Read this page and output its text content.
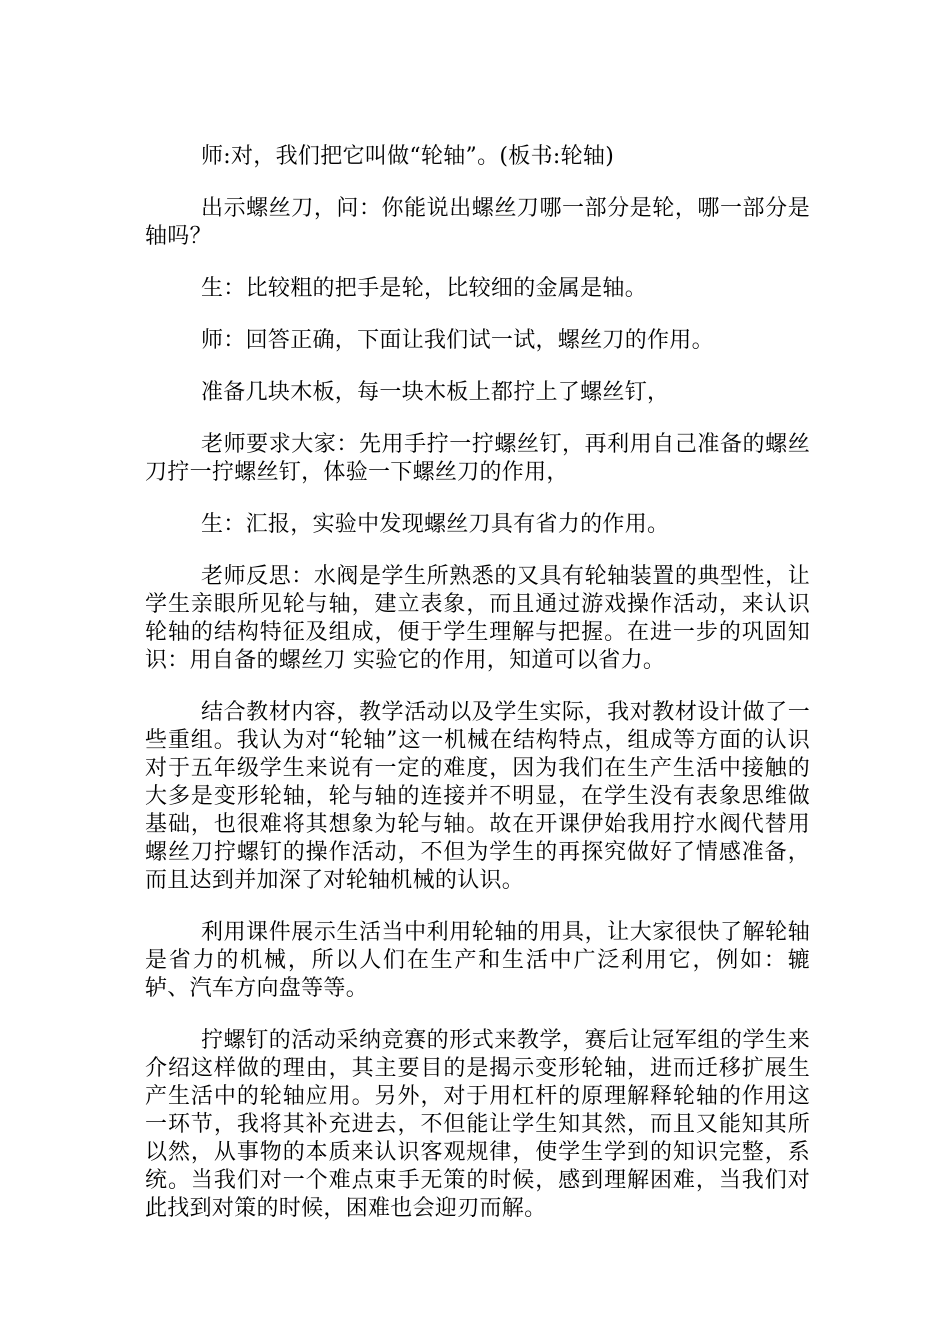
师:对，我们把它叫做“轮轴”。(板书:轮轴)

出示螺丝刀，问：你能说出螺丝刀哪一部分是轮，哪一部分是轴吗？

生：比较粗的把手是轮，比较细的金属是轴。

师：回答正确，下面让我们试一试，螺丝刀的作用。

准备几块木板，每一块木板上都拧上了螺丝钉，

老师要求大家：先用手拧一拧螺丝钉，再利用自己准备的螺丝刀拧一拧螺丝钉，体验一下螺丝刀的作用，

生：汇报，实验中发现螺丝刀具有省力的作用。

老师反思：水阀是学生所熟悉的又具有轮轴装置的典型性，让学生亲眼所见轮与轴，建立表象，而且通过游戏操作活动，来认识轮轴的结构特征及组成，便于学生理解与把握。在进一步的巩固知识：用自备的螺丝刀 实验它的作用，知道可以省力。

结合教材内容，教学活动以及学生实际，我对教材设计做了一些重组。我认为对“轮轴”这一机械在结构特点，组成等方面的认识对于五年级学生来说有一定的难度，因为我们在生产生活中接触的大多是变形轮轴，轮与轴的连接并不明显，在学生没有表象思维做基础，也很难将其想象为轮与轴。故在开课伊始我用拧水阀代替用螺丝刀拧螺钉的操作活动，不但为学生的再探究做好了情感准备，而且达到并加深了对轮轴机械的认识。

利用课件展示生活当中利用轮轴的用具，让大家很快了解轮轴是省力的机械，所以人们在生产和生活中广泛利用它，例如：辘轳、汽车方向盘等等。

拧螺钉的活动采纳竞赛的形式来教学，赛后让冠军组的学生来介绍这样做的理由，其主要目的是揭示变形轮轴，进而迁移扩展生产生活中的轮轴应用。另外，对于用杠杆的原理解释轮轴的作用这一环节，我将其补充进去，不但能让学生知其然，而且又能知其所以然，从事物的本质来认识客观规律，使学生学到的知识完整，系统。当我们对一个难点束手无策的时候，感到理解困难，当我们对此找到对策的时候，困难也会迎刃而解。
